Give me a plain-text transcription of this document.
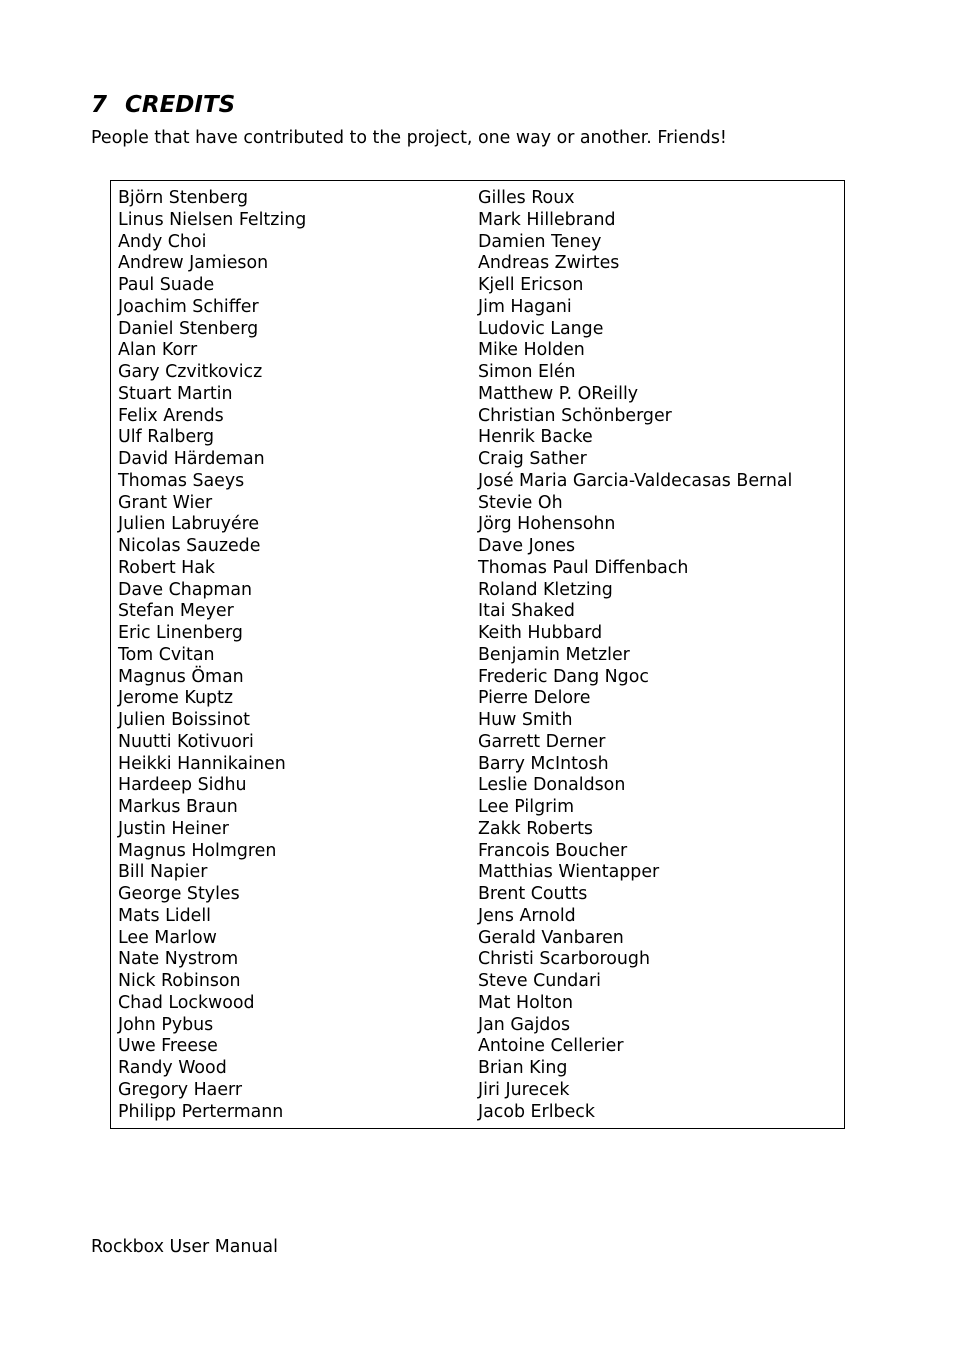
7 CREDITS

People that have contributed to the project, one way or another. Friends!

Björn Stenberg
Linus Nielsen Feltzing
Andy Choi
Andrew Jamieson
Paul Suade
Joachim Schiffer
Daniel Stenberg
Alan Korr
Gary Czvitkovicz
Stuart Martin
Felix Arends
Ulf Ralberg
David Härdeman
Thomas Saeys
Grant Wier
Julien Labruyére
Nicolas Sauzede
Robert Hak
Dave Chapman
Stefan Meyer
Eric Linenberg
Tom Cvitan
Magnus Öman
Jerome Kuptz
Julien Boissinot
Nuutti Kotivuori
Heikki Hannikainen
Hardeep Sidhu
Markus Braun
Justin Heiner
Magnus Holmgren
Bill Napier
George Styles
Mats Lidell
Lee Marlow
Nate Nystrom
Nick Robinson
Chad Lockwood
John Pybus
Uwe Freese
Randy Wood
Gregory Haerr
Philipp Pertermann
Gilles Roux
Mark Hillebrand
Damien Teney
Andreas Zwirtes
Kjell Ericson
Jim Hagani
Ludovic Lange
Mike Holden
Simon Elén
Matthew P. OReilly
Christian Schönberger
Henrik Backe
Craig Sather
José Maria Garcia-Valdecasas Bernal
Stevie Oh
Jörg Hohensohn
Dave Jones
Thomas Paul Diffenbach
Roland Kletzing
Itai Shaked
Keith Hubbard
Benjamin Metzler
Frederic Dang Ngoc
Pierre Delore
Huw Smith
Garrett Derner
Barry McIntosh
Leslie Donaldson
Lee Pilgrim
Zakk Roberts
Francois Boucher
Matthias Wientapper
Brent Coutts
Jens Arnold
Gerald Vanbaren
Christi Scarborough
Steve Cundari
Mat Holton
Jan Gajdos
Antoine Cellerier
Brian King
Jiri Jurecek
Jacob Erlbeck

Rockbox User Manual
